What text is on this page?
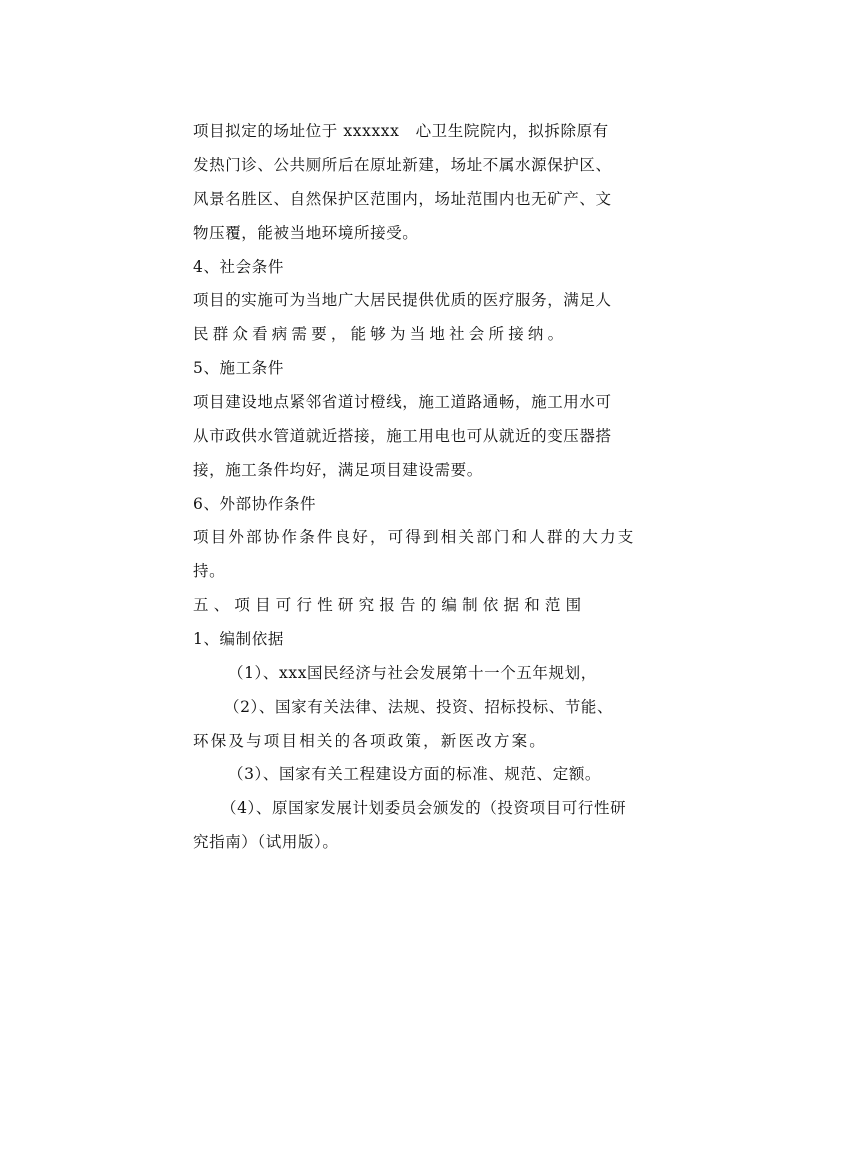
项目拟定的场址位于 xxxxxx　心卫生院院内，拟拆除原有
发热门诊、公共厕所后在原址新建，场址不属水源保护区、
风景名胜区、自然保护区范围内，场址范围内也无矿产、文
物压覆，能被当地环境所接受。
4、社会条件
项目的实施可为当地广大居民提供优质的医疗服务，满足人
民群众看病需要，能够为当地社会所接纳。
5、施工条件
项目建设地点紧邻省道讨橙线，施工道路通畅，施工用水可
从市政供水管道就近搭接，施工用电也可从就近的变压器搭
接，施工条件均好，满足项目建设需要。
6、外部协作条件
项目外部协作条件良好，可得到相关部门和人群的大力支
持。
五、项目可行性研究报告的编制依据和范围
1、编制依据
（1）、xxx国民经济与社会发展第十一个五年规划，
（2）、国家有关法律、法规、投资、招标投标、节能、
环保及与项目相关的各项政策，新医改方案。
（3）、国家有关工程建设方面的标准、规范、定额。
（4）、原国家发展计划委员会颁发的（投资项目可行性研
究指南）（试用版）。
